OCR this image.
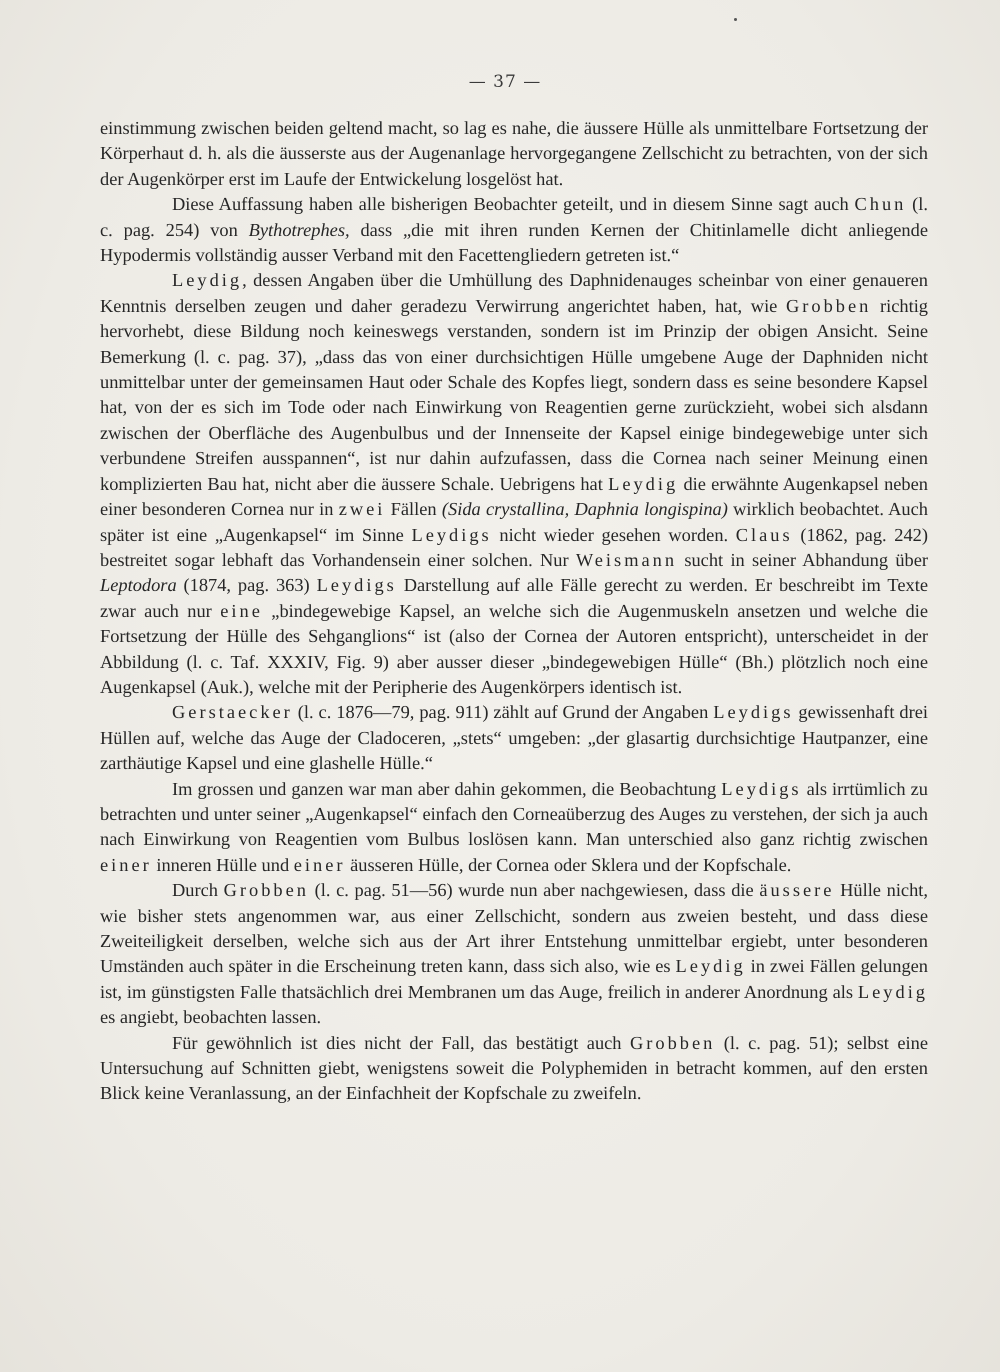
— 37 —

einstimmung zwischen beiden geltend macht, so lag es nahe, die äussere Hülle als unmittelbare Fortsetzung der Körperhaut d. h. als die äusserste aus der Augenanlage hervorgegangene Zellschicht zu betrachten, von der sich der Augenkörper erst im Laufe der Entwickelung losgelöst hat.

Diese Auffassung haben alle bisherigen Beobachter geteilt, und in diesem Sinne sagt auch Chun (l. c. pag. 254) von Bythotrephes, dass „die mit ihren runden Kernen der Chitinlamelle dicht anliegende Hypodermis vollständig ausser Verband mit den Facettengliedern getreten ist.“

Leydig, dessen Angaben über die Umhüllung des Daphnidenauges scheinbar von einer genaueren Kenntnis derselben zeugen und daher geradezu Verwirrung angerichtet haben, hat, wie Grobben richtig hervorhebt, diese Bildung noch keineswegs verstanden, sondern ist im Prinzip der obigen Ansicht. Seine Bemerkung (l. c. pag. 37), „dass das von einer durchsichtigen Hülle umgebene Auge der Daphniden nicht unmittelbar unter der gemeinsamen Haut oder Schale des Kopfes liegt, sondern dass es seine besondere Kapsel hat, von der es sich im Tode oder nach Einwirkung von Reagentien gerne zurückzieht, wobei sich alsdann zwischen der Oberfläche des Augenbulbus und der Innenseite der Kapsel einige bindegewebige unter sich verbundene Streifen ausspannen“, ist nur dahin aufzufassen, dass die Cornea nach seiner Meinung einen komplizierten Bau hat, nicht aber die äussere Schale. Uebrigens hat Leydig die erwähnte Augenkapsel neben einer besonderen Cornea nur in zwei Fällen (Sida crystallina, Daphnia longispina) wirklich beobachtet. Auch später ist eine „Augenkapsel“ im Sinne Leydigs nicht wieder gesehen worden. Claus (1862, pag. 242) bestreitet sogar lebhaft das Vorhandensein einer solchen. Nur Weismann sucht in seiner Abhandung über Leptodora (1874, pag. 363) Leydigs Darstellung auf alle Fälle gerecht zu werden. Er beschreibt im Texte zwar auch nur eine „bindegewebige Kapsel, an welche sich die Augenmuskeln ansetzen und welche die Fortsetzung der Hülle des Sehganglions“ ist (also der Cornea der Autoren entspricht), unterscheidet in der Abbildung (l. c. Taf. XXXIV, Fig. 9) aber ausser dieser „bindegewebigen Hülle“ (Bh.) plötzlich noch eine Augenkapsel (Auk.), welche mit der Peripherie des Augenkörpers identisch ist.

Gerstaecker (l. c. 1876—79, pag. 911) zählt auf Grund der Angaben Leydigs gewissenhaft drei Hüllen auf, welche das Auge der Cladoceren, „stets“ umgeben: „der glasartig durchsichtige Hautpanzer, eine zarthäutige Kapsel und eine glashelle Hülle.“

Im grossen und ganzen war man aber dahin gekommen, die Beobachtung Leydigs als irrtümlich zu betrachten und unter seiner „Augenkapsel“ einfach den Corneaüberzug des Auges zu verstehen, der sich ja auch nach Einwirkung von Reagentien vom Bulbus loslösen kann. Man unterschied also ganz richtig zwischen einer inneren Hülle und einer äusseren Hülle, der Cornea oder Sklera und der Kopfschale.

Durch Grobben (l. c. pag. 51—56) wurde nun aber nachgewiesen, dass die äussere Hülle nicht, wie bisher stets angenommen war, aus einer Zellschicht, sondern aus zweien besteht, und dass diese Zweiteiligkeit derselben, welche sich aus der Art ihrer Entstehung unmittelbar ergiebt, unter besonderen Umständen auch später in die Erscheinung treten kann, dass sich also, wie es Leydig in zwei Fällen gelungen ist, im günstigsten Falle thatsächlich drei Membranen um das Auge, freilich in anderer Anordnung als Leydig es angiebt, beobachten lassen.

Für gewöhnlich ist dies nicht der Fall, das bestätigt auch Grobben (l. c. pag. 51); selbst eine Untersuchung auf Schnitten giebt, wenigstens soweit die Polyphemiden in betracht kommen, auf den ersten Blick keine Veranlassung, an der Einfachheit der Kopfschale zu zweifeln.
